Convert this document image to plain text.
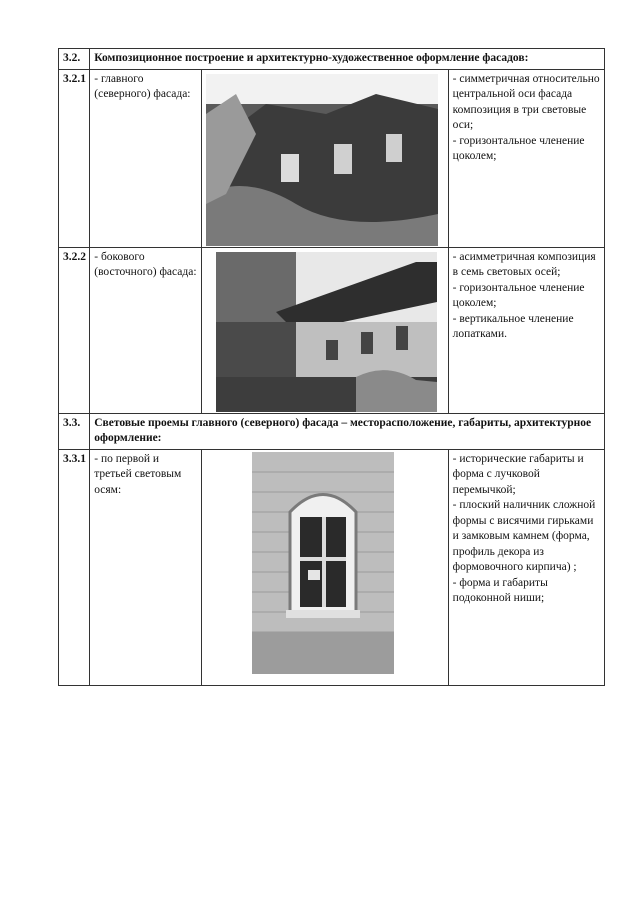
3.2.	Композиционное построение и архитектурно-художественное оформление фасадов:		
3.2.1	- главного (северного) фасада:		- симметричная относительно центральной оси фасада композиция в три световые оси;
- горизонтальное членение цоколем;

3.2.2	- бокового (восточного) фасада:		- асимметричная композиция в семь световых осей;
- горизонтальное членение цоколем;
- вертикальное членение лопатками.

3.3.	Световые проемы главного (северного) фасада – месторасположение, габариты, архитектурное оформление:		
3.3.1	- по первой и третьей световым осям:		- исторические габариты и форма с лучковой перемычкой;
- плоский наличник сложной формы с висячими гирьками и замковым камнем (форма, профиль декора из формовочного кирпича) ;
- форма и габариты подоконной ниши;
